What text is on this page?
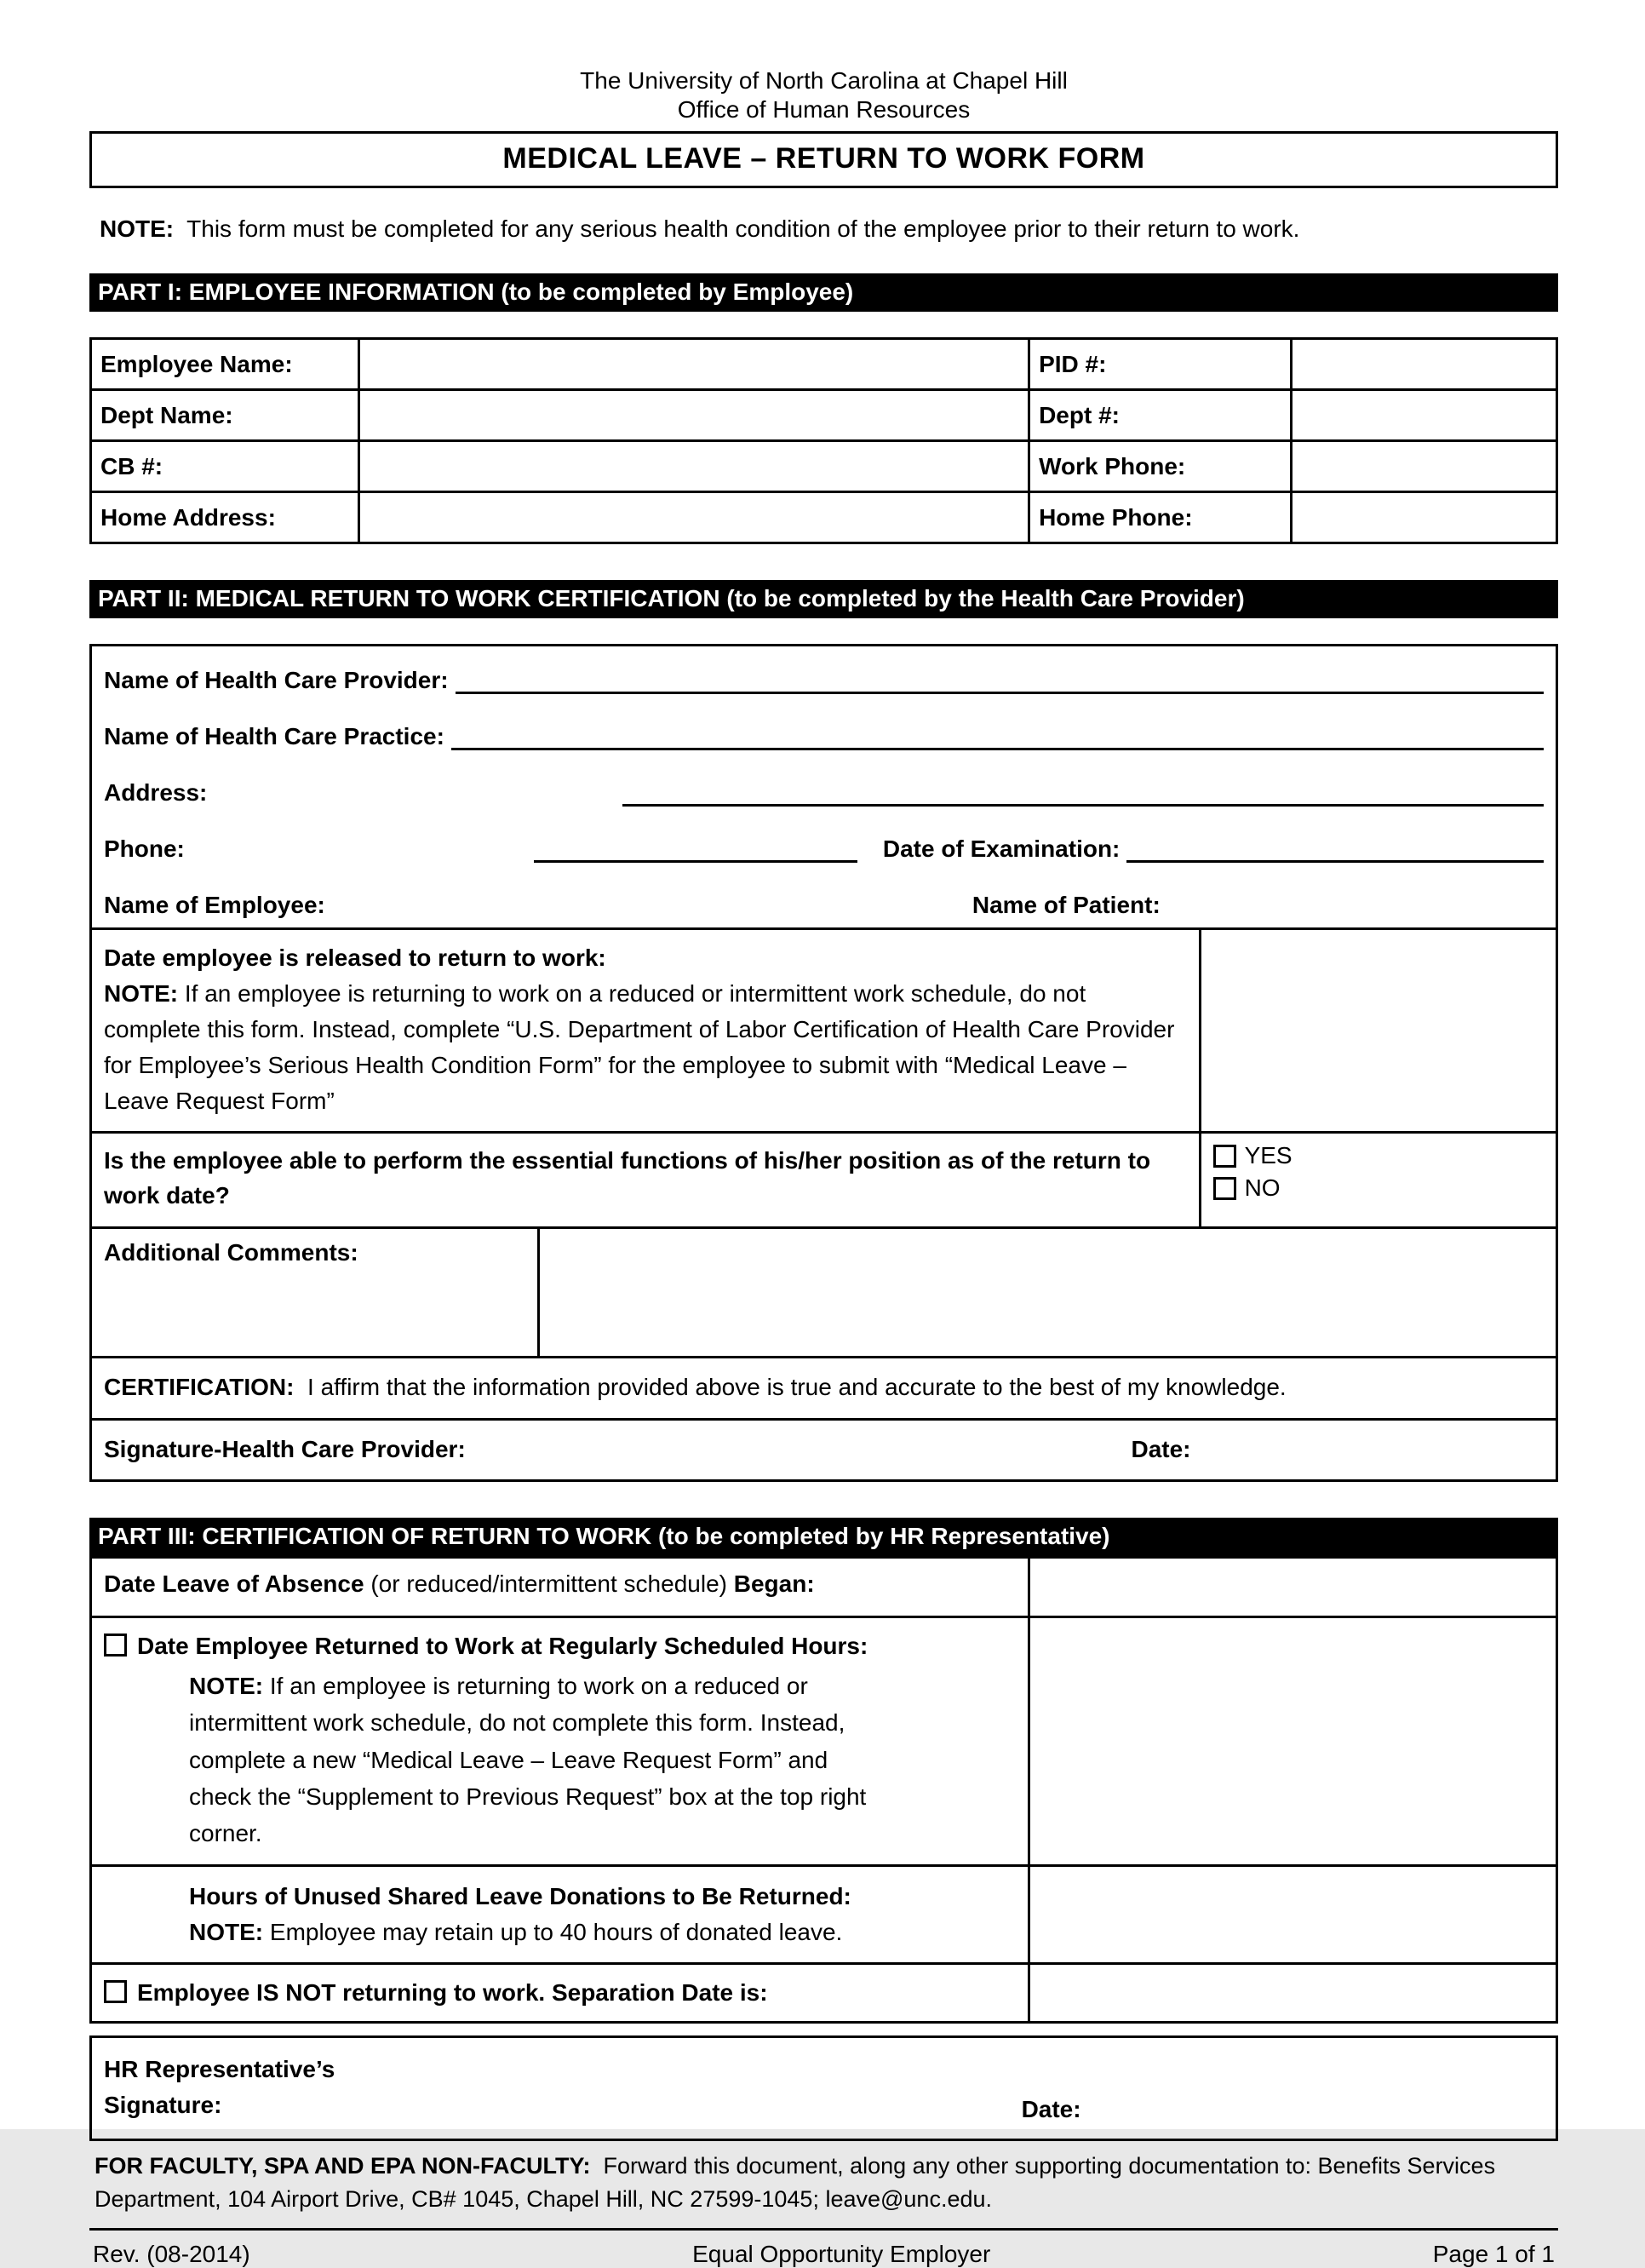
The University of North Carolina at Chapel Hill
Office of Human Resources
MEDICAL LEAVE – RETURN TO WORK FORM
NOTE:  This form must be completed for any serious health condition of the employee prior to their return to work.
PART I: EMPLOYEE INFORMATION (to be completed by Employee)
Employee Name:		PID #:	
Dept Name:		Dept #:	
CB #:		Work Phone:	
Home Address:		Home Phone:	
PART II: MEDICAL RETURN TO WORK CERTIFICATION (to be completed by the Health Care Provider)
Name of Health Care Provider:
Name of Health Care Practice:
Address:
Phone:	Date of Examination:
Name of Employee:	Name of Patient:
Date employee is released to return to work:
NOTE: If an employee is returning to work on a reduced or intermittent work schedule, do not complete this form. Instead, complete “U.S. Department of Labor Certification of Health Care Provider for Employee’s Serious Health Condition Form” for the employee to submit with “Medical Leave – Leave Request Form”
Is the employee able to perform the essential functions of his/her position as of the return to work date?
YES
NO
Additional Comments:
CERTIFICATION:  I affirm that the information provided above is true and accurate to the best of my knowledge.
Signature-Health Care Provider:	Date:
PART III: CERTIFICATION OF RETURN TO WORK (to be completed by HR Representative)
Date Leave of Absence (or reduced/intermittent schedule) Began:	

Date Employee Returned to Work at Regularly Scheduled Hours:
NOTE: If an employee is returning to work on a reduced or intermittent work schedule, do not complete this form. Instead, complete a new “Medical Leave – Leave Request Form” and check the “Supplement to Previous Request” box at the top right corner.	

Hours of Unused Shared Leave Donations to Be Returned:
NOTE: Employee may retain up to 40 hours of donated leave.	

Employee IS NOT returning to work. Separation Date is:	

HR Representative’s
Signature:	Date:
FOR FACULTY, SPA AND EPA NON-FACULTY:  Forward this document, along any other supporting documentation to: Benefits Services Department, 104 Airport Drive, CB# 1045, Chapel Hill, NC 27599-1045; leave@unc.edu.
Rev. (08-2014)	Equal Opportunity Employer	Page 1 of 1
